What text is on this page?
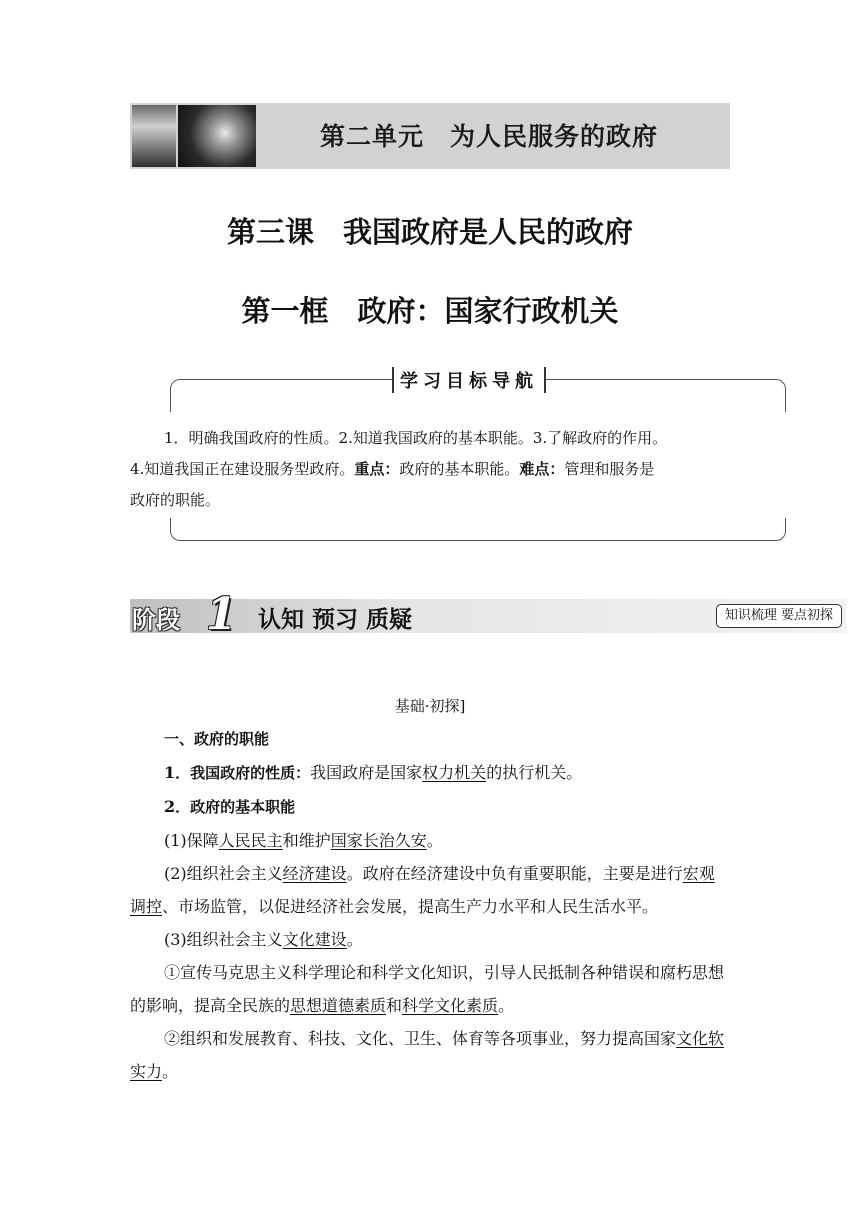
第二单元　为人民服务的政府
第三课　我国政府是人民的政府
第一框　政府：国家行政机关
学习目标导航
1．明确我国政府的性质。2.知道我国政府的基本职能。3.了解政府的作用。
4.知道我国正在建设服务型政府。重点：政府的基本职能。难点：管理和服务是
政府的职能。
阶段 1 认知 预习 质疑	知识梳理 要点初探

基础·初探]

一、政府的职能

1．我国政府的性质：我国政府是国家权力机关的执行机关。

2．政府的基本职能

(1)保障人民民主和维护国家长治久安。

(2)组织社会主义经济建设。政府在经济建设中负有重要职能，主要是进行宏观调控、市场监管，以促进经济社会发展，提高生产力水平和人民生活水平。

(3)组织社会主义文化建设。

①宣传马克思主义科学理论和科学文化知识，引导人民抵制各种错误和腐朽思想的影响，提高全民族的思想道德素质和科学文化素质。

②组织和发展教育、科技、文化、卫生、体育等各项事业，努力提高国家文化软实力。
